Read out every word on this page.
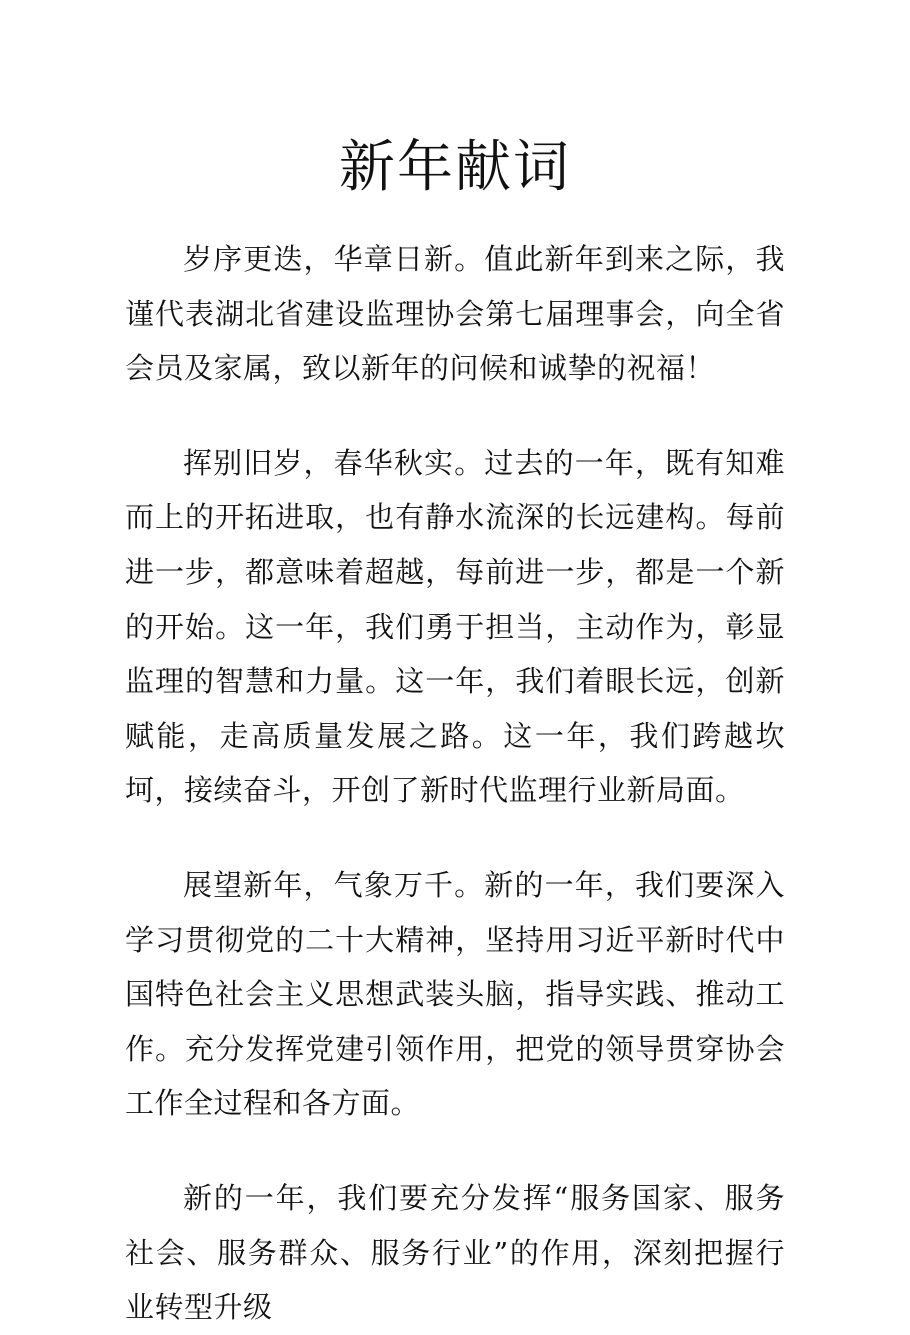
新年献词

岁序更迭，华章日新。值此新年到来之际，我谨代表湖北省建设监理协会第七届理事会，向全省会员及家属，致以新年的问候和诚挚的祝福！

挥别旧岁，春华秋实。过去的一年，既有知难而上的开拓进取，也有静水流深的长远建构。每前进一步，都意味着超越，每前进一步，都是一个新的开始。这一年，我们勇于担当，主动作为，彰显监理的智慧和力量。这一年，我们着眼长远，创新赋能，走高质量发展之路。这一年，我们跨越坎坷，接续奋斗，开创了新时代监理行业新局面。

展望新年，气象万千。新的一年，我们要深入学习贯彻党的二十大精神，坚持用习近平新时代中国特色社会主义思想武装头脑，指导实践、推动工作。充分发挥党建引领作用，把党的领导贯穿协会工作全过程和各方面。

新的一年，我们要充分发挥“服务国家、服务社会、服务群众、服务行业”的作用，深刻把握行业转型升级
